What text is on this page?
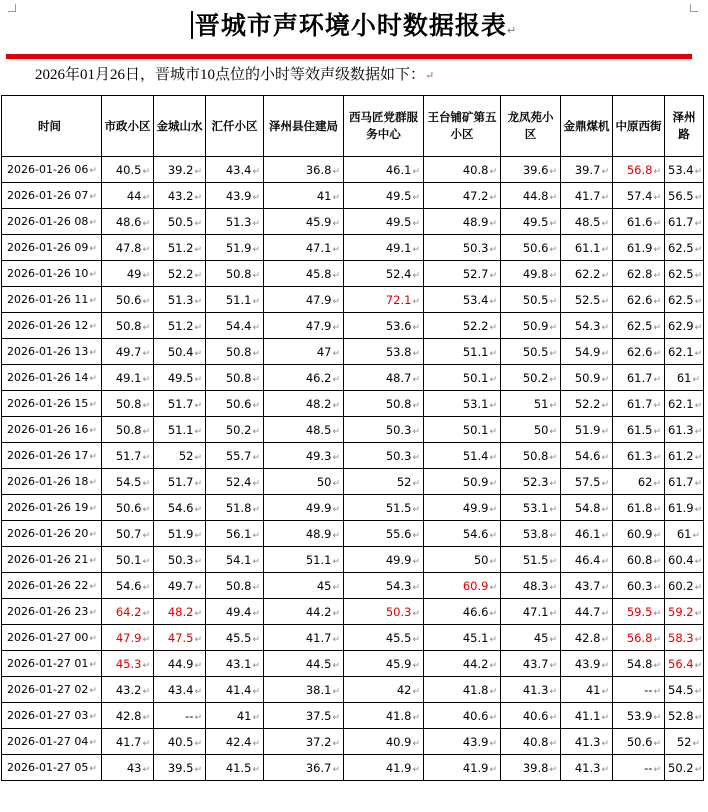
晋城市声环境小时数据报表↵
2026年01月26日，晋城市10点位的小时等效声级数据如下：↵
时间	市政小区	金城山水	汇仟小区	泽州县住建局	西马匠党群服务中心	王台铺矿第五小区	龙凤苑小区	金鼎煤机	中原西街	泽州路
2026-01-26 06↵	40.5↵	39.2↵	43.4↵	36.8↵	46.1↵	40.8↵	39.6↵	39.7↵	56.8↵	53.4↵
2026-01-26 07↵	44↵	43.2↵	43.9↵	41↵	49.5↵	47.2↵	44.8↵	41.7↵	57.4↵	56.5↵
2026-01-26 08↵	48.6↵	50.5↵	51.3↵	45.9↵	49.5↵	48.9↵	49.5↵	48.5↵	61.6↵	61.7↵
2026-01-26 09↵	47.8↵	51.2↵	51.9↵	47.1↵	49.1↵	50.3↵	50.6↵	61.1↵	61.9↵	62.5↵
2026-01-26 10↵	49↵	52.2↵	50.8↵	45.8↵	52.4↵	52.7↵	49.8↵	62.2↵	62.8↵	62.5↵
2026-01-26 11↵	50.6↵	51.3↵	51.1↵	47.9↵	72.1↵	53.4↵	50.5↵	52.5↵	62.6↵	62.5↵
2026-01-26 12↵	50.8↵	51.2↵	54.4↵	47.9↵	53.6↵	52.2↵	50.9↵	54.3↵	62.5↵	62.9↵
2026-01-26 13↵	49.7↵	50.4↵	50.8↵	47↵	53.8↵	51.1↵	50.5↵	54.9↵	62.6↵	62.1↵
2026-01-26 14↵	49.1↵	49.5↵	50.8↵	46.2↵	48.7↵	50.1↵	50.2↵	50.9↵	61.7↵	61↵
2026-01-26 15↵	50.8↵	51.7↵	50.6↵	48.2↵	50.8↵	53.1↵	51↵	52.2↵	61.7↵	62.1↵
2026-01-26 16↵	50.8↵	51.1↵	50.2↵	48.5↵	50.3↵	50.1↵	50↵	51.9↵	61.5↵	61.3↵
2026-01-26 17↵	51.7↵	52↵	55.7↵	49.3↵	50.3↵	51.4↵	50.8↵	54.6↵	61.3↵	61.2↵
2026-01-26 18↵	54.5↵	51.7↵	52.4↵	50↵	52↵	50.9↵	52.3↵	57.5↵	62↵	61.7↵
2026-01-26 19↵	50.6↵	54.6↵	51.8↵	49.9↵	51.5↵	49.9↵	53.1↵	54.8↵	61.8↵	61.9↵
2026-01-26 20↵	50.7↵	51.9↵	56.1↵	48.9↵	55.6↵	54.6↵	53.8↵	46.1↵	60.9↵	61↵
2026-01-26 21↵	50.1↵	50.3↵	54.1↵	51.1↵	49.9↵	50↵	51.5↵	46.4↵	60.8↵	60.4↵
2026-01-26 22↵	54.6↵	49.7↵	50.8↵	45↵	54.3↵	60.9↵	48.3↵	43.7↵	60.3↵	60.2↵
2026-01-26 23↵	64.2↵	48.2↵	49.4↵	44.2↵	50.3↵	46.6↵	47.1↵	44.7↵	59.5↵	59.2↵
2026-01-27 00↵	47.9↵	47.5↵	45.5↵	41.7↵	45.5↵	45.1↵	45↵	42.8↵	56.8↵	58.3↵
2026-01-27 01↵	45.3↵	44.9↵	43.1↵	44.5↵	45.9↵	44.2↵	43.7↵	43.9↵	54.8↵	56.4↵
2026-01-27 02↵	43.2↵	43.4↵	41.4↵	38.1↵	42↵	41.8↵	41.3↵	41↵	--↵	54.5↵
2026-01-27 03↵	42.8↵	--↵	41↵	37.5↵	41.8↵	40.6↵	40.6↵	41.1↵	53.9↵	52.8↵
2026-01-27 04↵	41.7↵	40.5↵	42.4↵	37.2↵	40.9↵	43.9↵	40.8↵	41.3↵	50.6↵	52↵
2026-01-27 05↵	43↵	39.5↵	41.5↵	36.7↵	41.9↵	41.9↵	39.8↵	41.3↵	--↵	50.2↵
